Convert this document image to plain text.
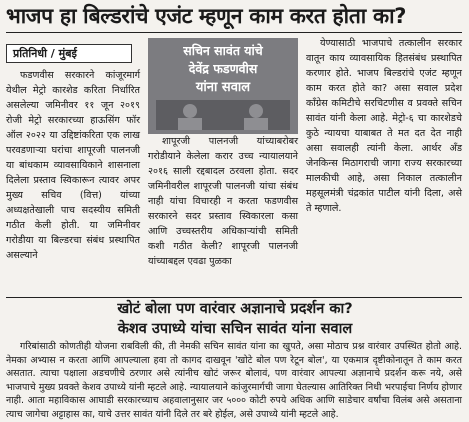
भाजप हा बिल्डरांचे एजंट म्हणून काम करत होता का?
प्रतिनिधी / मुंबई

फडणवीस सरकारने कांजूरमार्ग येथील मेट्रो कारशेड करिता निर्धारित असलेल्या जमिनीवर ११ जून २०१९ रोजी मेट्रो सरकारच्या हाऊसिंग फॉर ऑल २०२२ या उद्दिष्टांकरिता एक लाख परवडणाऱ्या घरांचा शापूरजी पालनजी या बांधकाम व्यावसायिकाने शासनाला दिलेला प्रस्ताव स्विकारून त्यावर अपर मुख्य सचिव (वित्त) यांच्या अध्यक्षतेखाली पाच सदस्यीय समिती गठीत केली होती. या जमिनीवर गरोडीया या बिल्डरचा संबंध प्रस्थापित असल्याने

सचिन सावंत यांचे
देवेंद्र फडणवीस
यांना सवाल

शापूरजी पालनजी यांच्याबरोबर गरोडीयाने केलेला करार उच्च न्यायालयाने २०१६ साली रद्दबादल ठरवला होता. सदर जमिनीवरील शापूरजी पालनजी यांचा संबंध नाही यांचा विचारही न करता फडणवीस सरकारने सदर प्रस्ताव स्विकारला कसा आणि उच्चस्तरीय अधिकाऱ्यांची समिती कशी गठीत केली? शापूरजी पालनजी यांच्याबद्दल एवढा पुळका

येण्यासाठी भाजपाचे तत्कालीन सरकार वातून काय व्यावसायिक हितसंबंध प्रस्थापित करणार होते. भाजप बिल्डरांचे एजंट म्हणून काम करत होते का? असा सवाल प्रदेश काँग्रेस कमिटीचे सरचिटणीस व प्रवक्ते सचिन सावंत यांनी केला आहे. मेट्रो-६ चा कारशेडचे कुठे न्यायचा याबाबत ते मत दत देत नाही असा सवालही त्यांनी केला. आर्थर अँड जेनकिन्स मिठागराची जागा राज्य सरकारच्या मालकीची आहे, असा निकाल तत्कालीन महसूलमंत्री चंद्रकांत पाटील यांनी दिला, असे ते म्हणाले.

खोटं बोला पण वारंवार अज्ञानाचे प्रदर्शन का?
केशव उपाध्ये यांचा सचिन सावंत यांना सवाल

गरिबांसाठी कोणतीही योजना राबविली की, ती नेमकी सचिन सावंत यांना का खुपते, असा मोठाच प्रश्न वारंवार उपस्थित होतो आहे. नेमका अभ्यास न करता आणि आपल्याला हवा तो कागद दाखवून 'खोटे बोल पण रेटून बोल', या एकमात्र दृष्टीकोनातून ते काम करत असतात. त्याचा पक्षाला अडचणीचे ठरणार असे त्यांनीच खोटं जरूर बोलावं, पण वारंवार आपल्या अज्ञानाचे प्रदर्शन करू नये, असे भाजपाचे मुख्य प्रवक्ते केशव उपाध्ये यांनी म्हटले आहे. न्यायालयाने कांजुरमार्गची जागा घेतल्यास आतिरिक्त निधी भरपाईचा निर्णय होणार नाही. आता महाविकास आघाडी सरकारच्याच अहवालानुसार जर ५००० कोटी रुपये अधिक आणि साडेचार वर्षांचा विलंब असे असताना त्याच जागेचा अट्टाहास का, याचे उत्तर सावंत यांनी दिले तर बरे होईल, असे उपाध्ये यांनी म्हटले आहे.
